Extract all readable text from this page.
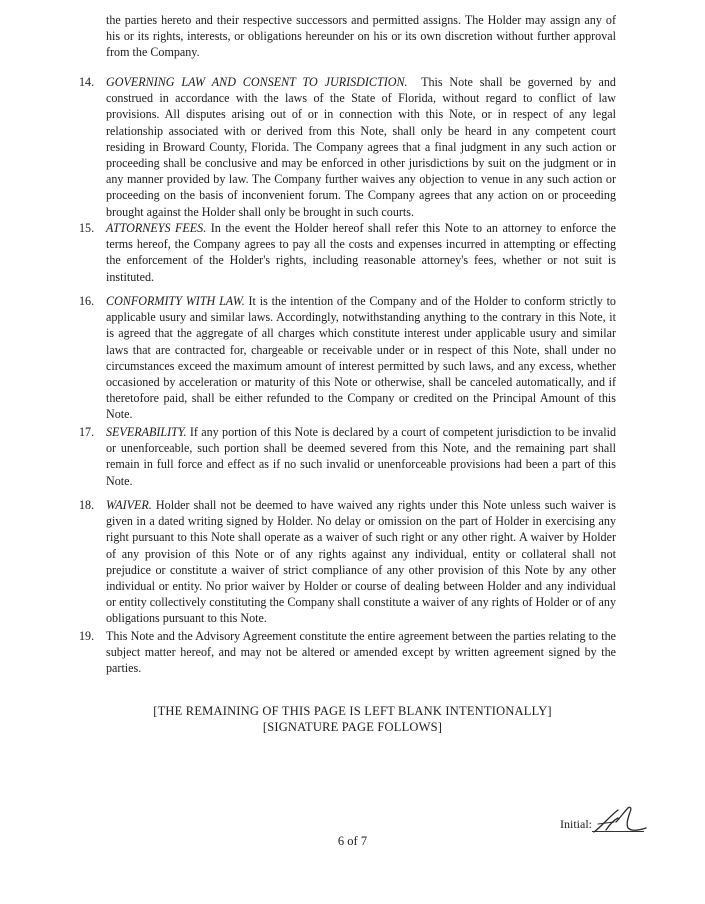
the parties hereto and their respective successors and permitted assigns. The Holder may assign any of his or its rights, interests, or obligations hereunder on his or its own discretion without further approval from the Company.

14. GOVERNING LAW AND CONSENT TO JURISDICTION. This Note shall be governed by and construed in accordance with the laws of the State of Florida, without regard to conflict of law provisions. All disputes arising out of or in connection with this Note, or in respect of any legal relationship associated with or derived from this Note, shall only be heard in any competent court residing in Broward County, Florida. The Company agrees that a final judgment in any such action or proceeding shall be conclusive and may be enforced in other jurisdictions by suit on the judgment or in any manner provided by law. The Company further waives any objection to venue in any such action or proceeding on the basis of inconvenient forum. The Company agrees that any action on or proceeding brought against the Holder shall only be brought in such courts.

15. ATTORNEYS FEES. In the event the Holder hereof shall refer this Note to an attorney to enforce the terms hereof, the Company agrees to pay all the costs and expenses incurred in attempting or effecting the enforcement of the Holder's rights, including reasonable attorney's fees, whether or not suit is instituted.

16. CONFORMITY WITH LAW. It is the intention of the Company and of the Holder to conform strictly to applicable usury and similar laws. Accordingly, notwithstanding anything to the contrary in this Note, it is agreed that the aggregate of all charges which constitute interest under applicable usury and similar laws that are contracted for, chargeable or receivable under or in respect of this Note, shall under no circumstances exceed the maximum amount of interest permitted by such laws, and any excess, whether occasioned by acceleration or maturity of this Note or otherwise, shall be canceled automatically, and if theretofore paid, shall be either refunded to the Company or credited on the Principal Amount of this Note.

17. SEVERABILITY. If any portion of this Note is declared by a court of competent jurisdiction to be invalid or unenforceable, such portion shall be deemed severed from this Note, and the remaining part shall remain in full force and effect as if no such invalid or unenforceable provisions had been a part of this Note.

18. WAIVER. Holder shall not be deemed to have waived any rights under this Note unless such waiver is given in a dated writing signed by Holder. No delay or omission on the part of Holder in exercising any right pursuant to this Note shall operate as a waiver of such right or any other right. A waiver by Holder of any provision of this Note or of any rights against any individual, entity or collateral shall not prejudice or constitute a waiver of strict compliance of any other provision of this Note by any other individual or entity. No prior waiver by Holder or course of dealing between Holder and any individual or entity collectively constituting the Company shall constitute a waiver of any rights of Holder or of any obligations pursuant to this Note.

19. This Note and the Advisory Agreement constitute the entire agreement between the parties relating to the subject matter hereof, and may not be altered or amended except by written agreement signed by the parties.

[THE REMAINING OF THIS PAGE IS LEFT BLANK INTENTIONALLY]
[SIGNATURE PAGE FOLLOWS]
Initial:
6 of 7
